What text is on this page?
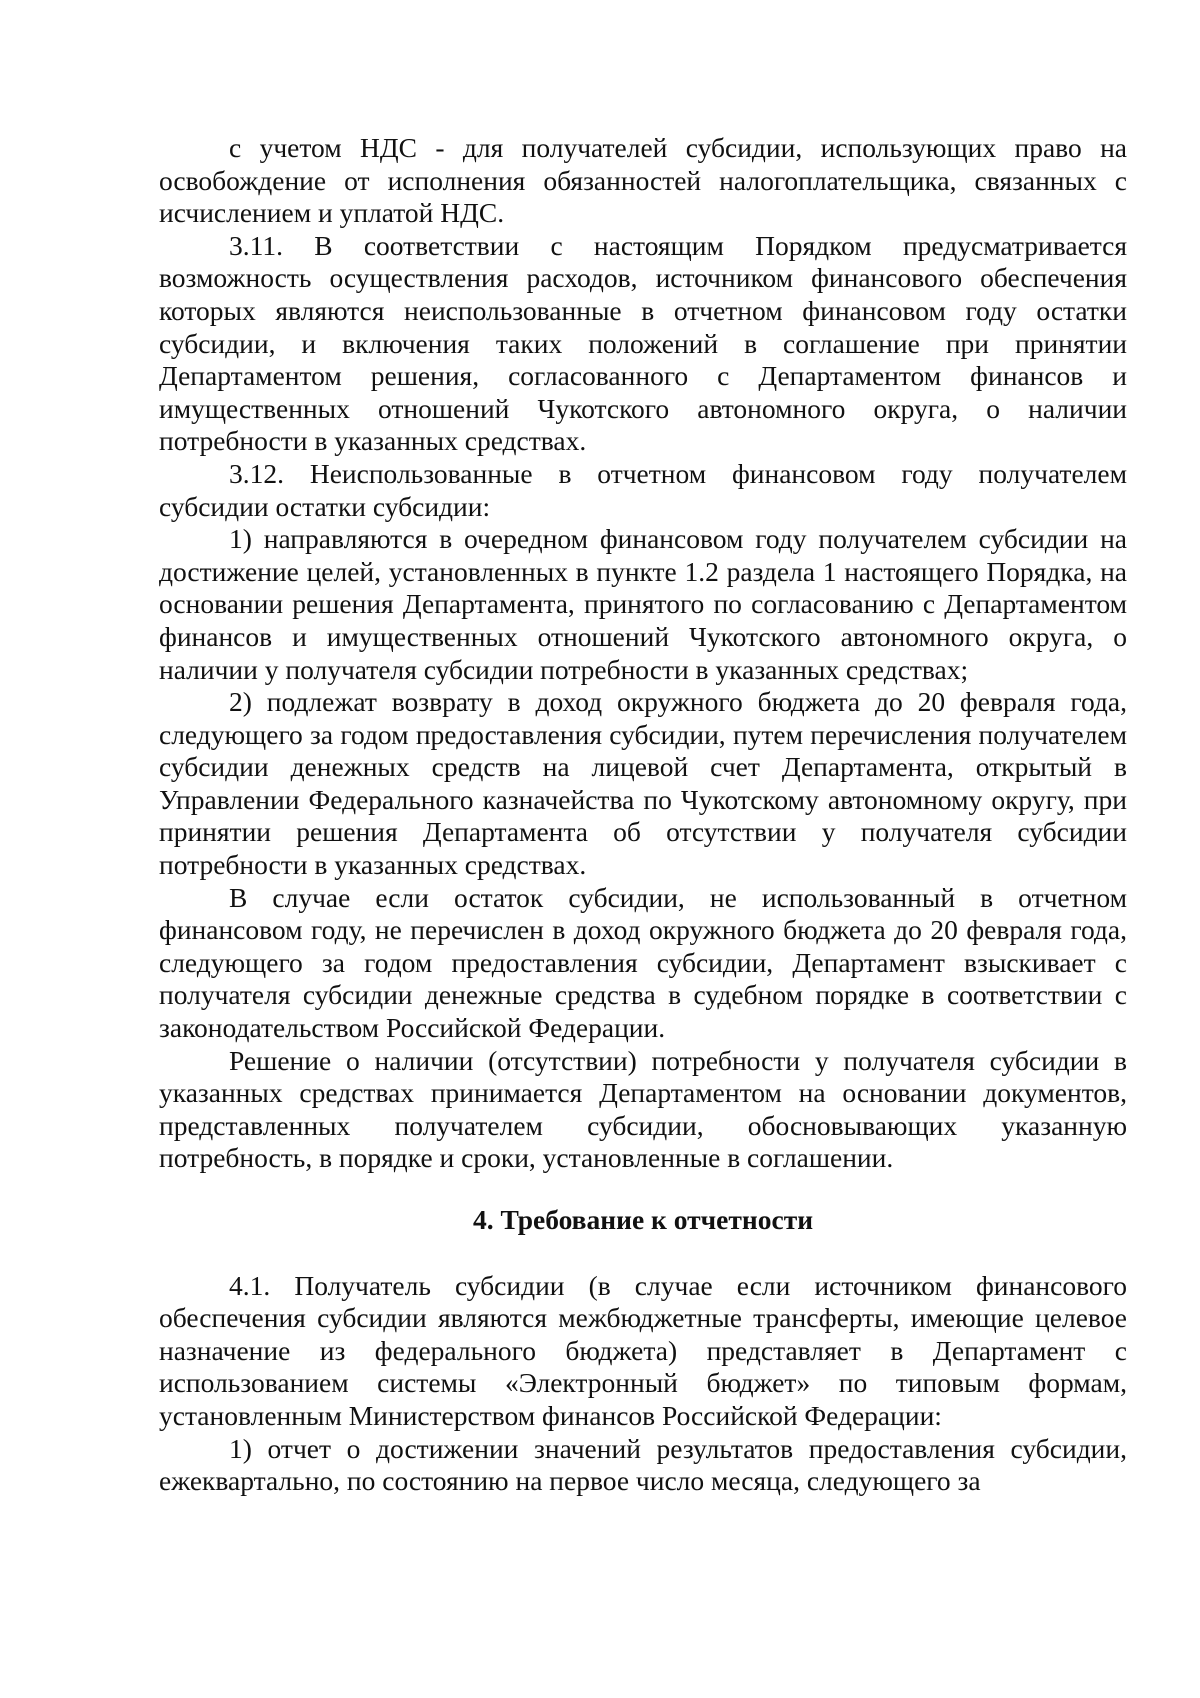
с учетом НДС - для получателей субсидии, использующих право на освобождение от исполнения обязанностей налогоплательщика, связанных с исчислением и уплатой НДС.

3.11. В соответствии с настоящим Порядком предусматривается возможность осуществления расходов, источником финансового обеспечения которых являются неиспользованные в отчетном финансовом году остатки субсидии, и включения таких положений в соглашение при принятии Департаментом решения, согласованного с Департаментом финансов и имущественных отношений Чукотского автономного округа, о наличии потребности в указанных средствах.

3.12. Неиспользованные в отчетном финансовом году получателем субсидии остатки субсидии:

1) направляются в очередном финансовом году получателем субсидии на достижение целей, установленных в пункте 1.2 раздела 1 настоящего Порядка, на основании решения Департамента, принятого по согласованию с Департаментом финансов и имущественных отношений Чукотского автономного округа, о наличии у получателя субсидии потребности в указанных средствах;

2) подлежат возврату в доход окружного бюджета до 20 февраля года, следующего за годом предоставления субсидии, путем перечисления получателем субсидии денежных средств на лицевой счет Департамента, открытый в Управлении Федерального казначейства по Чукотскому автономному округу, при принятии решения Департамента об отсутствии у получателя субсидии потребности в указанных средствах.

В случае если остаток субсидии, не использованный в отчетном финансовом году, не перечислен в доход окружного бюджета до 20 февраля года, следующего за годом предоставления субсидии, Департамент взыскивает с получателя субсидии денежные средства в судебном порядке в соответствии с законодательством Российской Федерации.

Решение о наличии (отсутствии) потребности у получателя субсидии в указанных средствах принимается Департаментом на основании документов, представленных получателем субсидии, обосновывающих указанную потребность, в порядке и сроки, установленные в соглашении.

4. Требование к отчетности

4.1. Получатель субсидии (в случае если источником финансового обеспечения субсидии являются межбюджетные трансферты, имеющие целевое назначение из федерального бюджета) представляет в Департамент с использованием системы «Электронный бюджет» по типовым формам, установленным Министерством финансов Российской Федерации:

1) отчет о достижении значений результатов предоставления субсидии, ежеквартально, по состоянию на первое число месяца, следующего за
